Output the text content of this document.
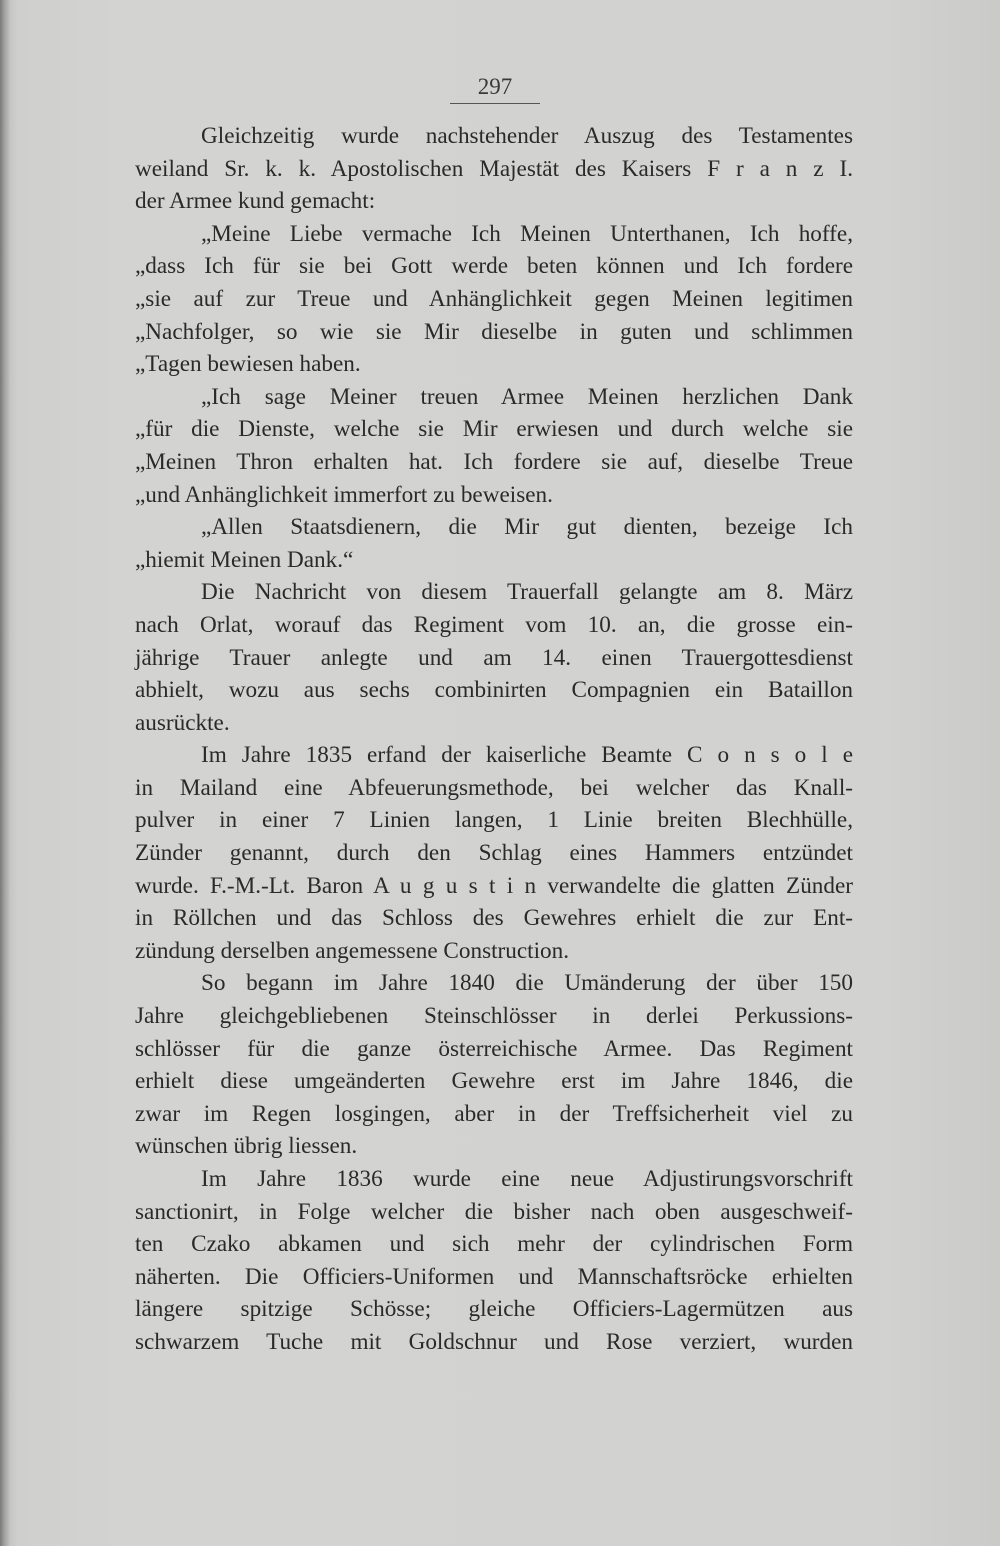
297
Gleichzeitig wurde nachstehender Auszug des Testamentes
weiland Sr. k. k. Apostolischen Majestät des Kaisers F r a n z I.
der Armee kund gemacht:
„Meine Liebe vermache Ich Meinen Unterthanen, Ich hoffe,
„dass Ich für sie bei Gott werde beten können und Ich fordere
„sie auf zur Treue und Anhänglichkeit gegen Meinen legitimen
„Nachfolger, so wie sie Mir dieselbe in guten und schlimmen
„Tagen bewiesen haben.
„Ich sage Meiner treuen Armee Meinen herzlichen Dank
„für die Dienste, welche sie Mir erwiesen und durch welche sie
„Meinen Thron erhalten hat. Ich fordere sie auf, dieselbe Treue
„und Anhänglichkeit immerfort zu beweisen.
„Allen Staatsdienern, die Mir gut dienten, bezeige Ich
„hiemit Meinen Dank.“
Die Nachricht von diesem Trauerfall gelangte am 8. März
nach Orlat, worauf das Regiment vom 10. an, die grosse ein-
jährige Trauer anlegte und am 14. einen Trauergottesdienst
abhielt, wozu aus sechs combinirten Compagnien ein Bataillon
ausrückte.
Im Jahre 1835 erfand der kaiserliche Beamte C o n s o l e
in Mailand eine Abfeuerungsmethode, bei welcher das Knall-
pulver in einer 7 Linien langen, 1 Linie breiten Blechhülle,
Zünder genannt, durch den Schlag eines Hammers entzündet
wurde. F.-M.-Lt. Baron A u g u s t i n verwandelte die glatten Zünder
in Röllchen und das Schloss des Gewehres erhielt die zur Ent-
zündung derselben angemessene Construction.
So begann im Jahre 1840 die Umänderung der über 150
Jahre gleichgebliebenen Steinschlösser in derlei Perkussions-
schlösser für die ganze österreichische Armee. Das Regiment
erhielt diese umgeänderten Gewehre erst im Jahre 1846, die
zwar im Regen losgingen, aber in der Treffsicherheit viel zu
wünschen übrig liessen.
Im Jahre 1836 wurde eine neue Adjustirungsvorschrift
sanctionirt, in Folge welcher die bisher nach oben ausgeschweif-
ten Czako abkamen und sich mehr der cylindrischen Form
näherten. Die Officiers-Uniformen und Mannschaftsröcke erhielten
längere spitzige Schösse; gleiche Officiers-Lagermützen aus
schwarzem Tuche mit Goldschnur und Rose verziert, wurden
